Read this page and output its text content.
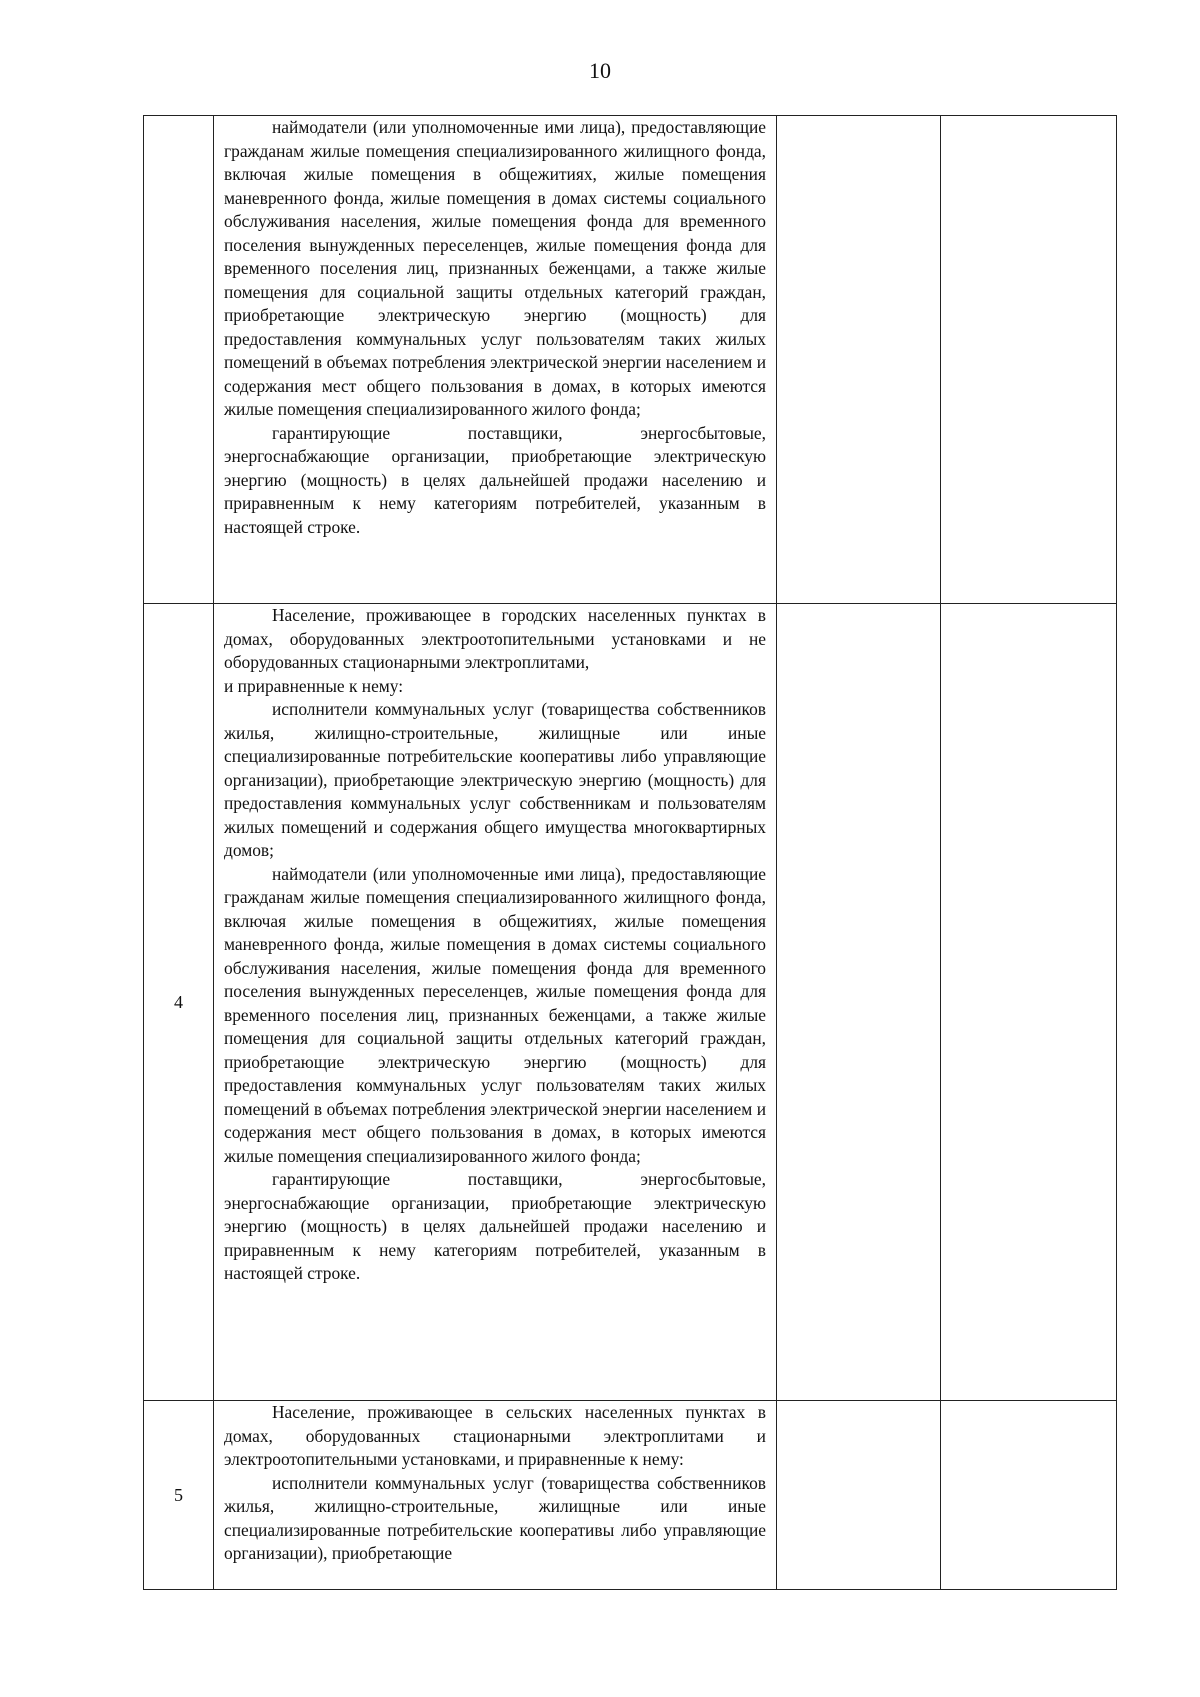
10

	наймодатели (или уполномоченные ими лица), предоставляющие гражданам жилые помещения специализированного жилищного фонда, включая жилые помещения в общежитиях, жилые помещения маневренного фонда, жилые помещения в домах системы социального обслуживания населения, жилые помещения фонда для временного поселения вынужденных переселенцев, жилые помещения фонда для временного поселения лиц, признанных беженцами, а также жилые помещения для социальной защиты отдельных категорий граждан, приобретающие электрическую энергию (мощность) для предоставления коммунальных услуг пользователям таких жилых помещений в объемах потребления электрической энергии населением и содержания мест общего пользования в домах, в которых имеются жилые помещения специализированного жилого фонда;

гарантирующие поставщики, энергосбытовые, энергоснабжающие организации, приобретающие электрическую энергию (мощность) в целях дальнейшей продажи населению и приравненным к нему категориям потребителей, указанным в настоящей строке.		

4	Население, проживающее в городских населенных пунктах в домах, оборудованных электроотопительными установками и не оборудованных стационарными электроплитами,

и приравненные к нему:

исполнители коммунальных услуг (товарищества собственников жилья, жилищно-строительные, жилищные или иные специализированные потребительские кооперативы либо управляющие организации), приобретающие электрическую энергию (мощность) для предоставления коммунальных услуг собственникам и пользователям жилых помещений и содержания общего имущества многоквартирных домов;

наймодатели (или уполномоченные ими лица), предоставляющие гражданам жилые помещения специализированного жилищного фонда, включая жилые помещения в общежитиях, жилые помещения маневренного фонда, жилые помещения в домах системы социального обслуживания населения, жилые помещения фонда для временного поселения вынужденных переселенцев, жилые помещения фонда для временного поселения лиц, признанных беженцами, а также жилые помещения для социальной защиты отдельных категорий граждан, приобретающие электрическую энергию (мощность) для предоставления коммунальных услуг пользователям таких жилых помещений в объемах потребления электрической энергии населением и содержания мест общего пользования в домах, в которых имеются жилые помещения специализированного жилого фонда;

гарантирующие поставщики, энергосбытовые, энергоснабжающие организации, приобретающие электрическую энергию (мощность) в целях дальнейшей продажи населению и приравненным к нему категориям потребителей, указанным в настоящей строке.		

5	Население, проживающее в сельских населенных пунктах в домах, оборудованных стационарными электроплитами и электроотопительными установками, и приравненные к нему:

исполнители коммунальных услуг (товарищества собственников жилья, жилищно-строительные, жилищные или иные специализированные потребительские кооперативы либо управляющие организации), приобретающие		
